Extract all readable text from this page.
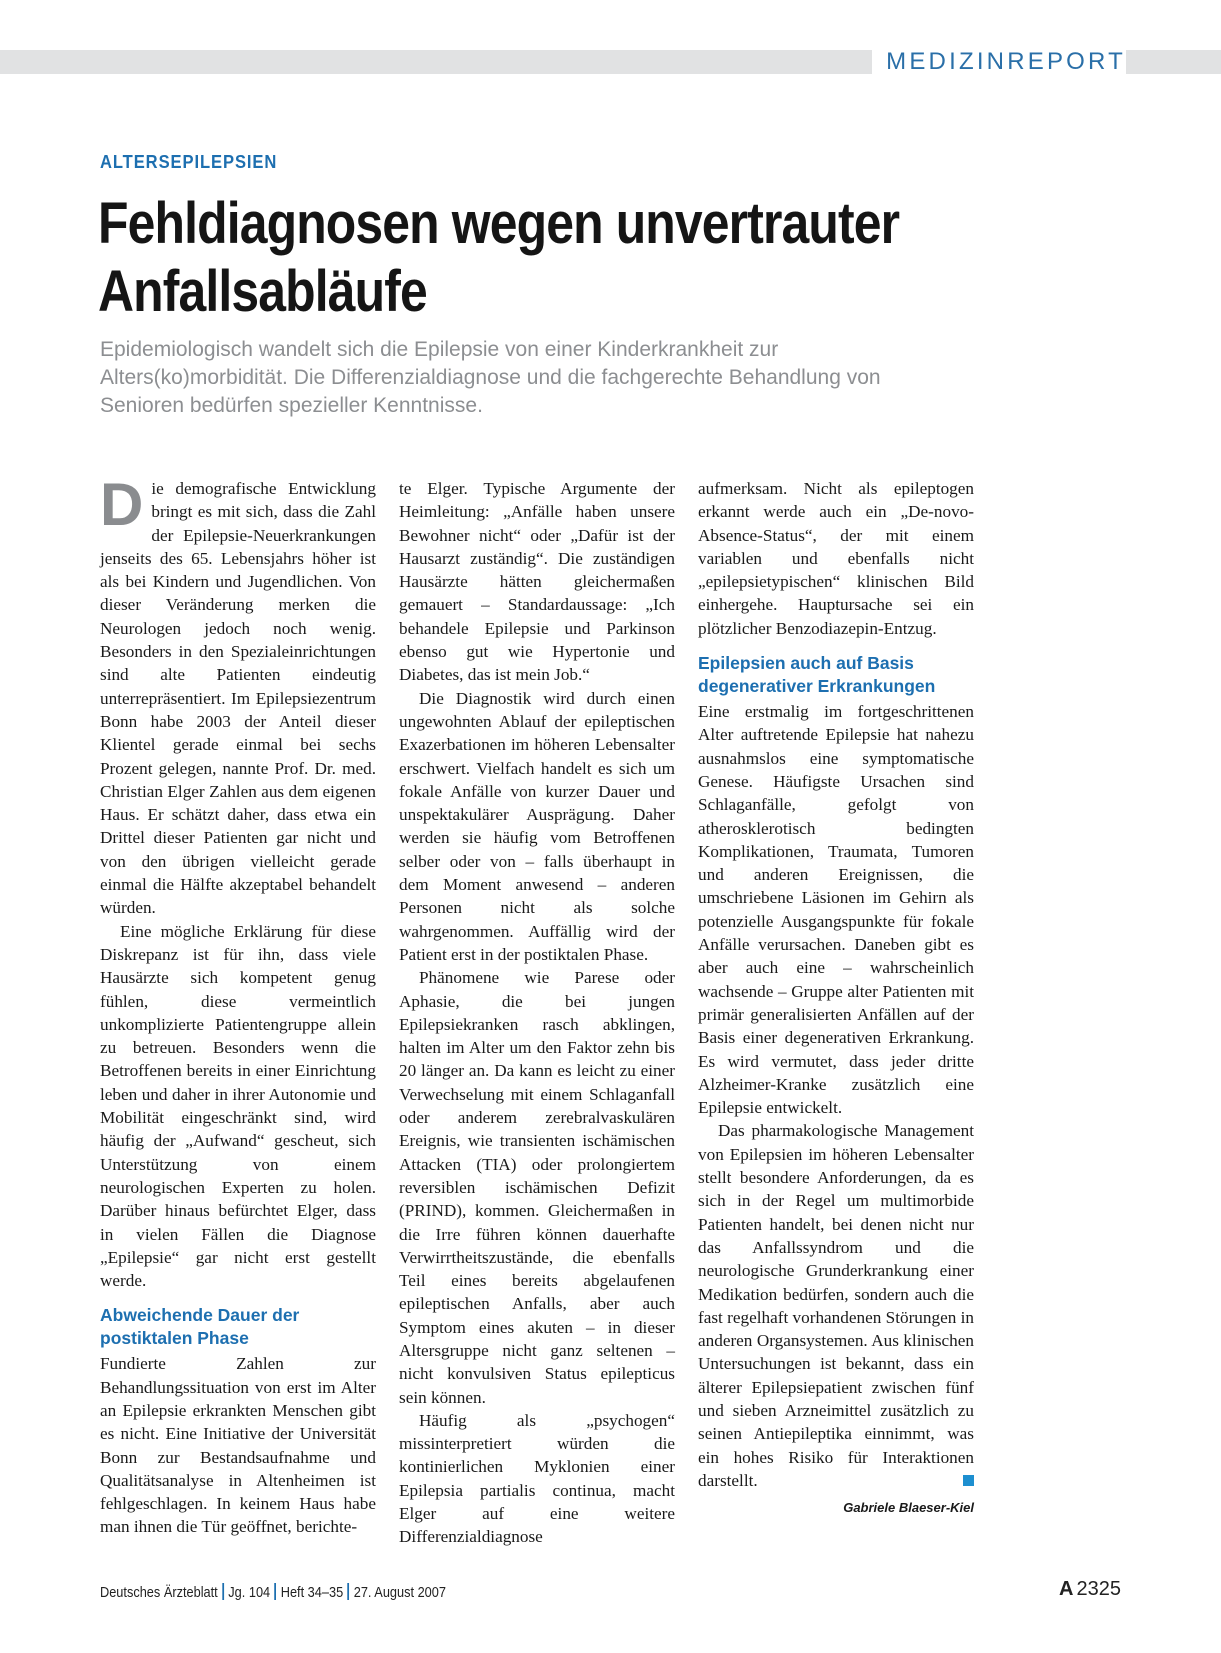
MEDIZINREPORT
ALTERSEPILEPSIEN
Fehldiagnosen wegen unvertrauter
Anfallsabläufe
Epidemiologisch wandelt sich die Epilepsie von einer Kinderkrankheit zur Alters(ko)morbidität. Die Differenzialdiagnose und die fachgerechte Behandlung von Senioren bedürfen spezieller Kenntnisse.

Die demografische Entwicklung bringt es mit sich, dass die Zahl der Epilepsie-Neuerkrankungen jenseits des 65. Lebensjahrs höher ist als bei Kindern und Jugendlichen. Von dieser Veränderung merken die Neurologen jedoch noch wenig. Besonders in den Spezialeinrichtungen sind alte Patienten eindeutig unterrepräsentiert. Im Epilepsiezentrum Bonn habe 2003 der Anteil dieser Klientel gerade einmal bei sechs Prozent gelegen, nannte Prof. Dr. med. Christian Elger Zahlen aus dem eigenen Haus. Er schätzt daher, dass etwa ein Drittel dieser Patienten gar nicht und von den übrigen vielleicht gerade einmal die Hälfte akzeptabel behandelt würden.

Eine mögliche Erklärung für diese Diskrepanz ist für ihn, dass viele Hausärzte sich kompetent genug fühlen, diese vermeintlich unkomplizierte Patientengruppe allein zu betreuen. Besonders wenn die Betroffenen bereits in einer Einrichtung leben und daher in ihrer Autonomie und Mobilität eingeschränkt sind, wird häufig der „Aufwand“ gescheut, sich Unterstützung von einem neurologischen Experten zu holen. Darüber hinaus befürchtet Elger, dass in vielen Fällen die Diagnose „Epilepsie“ gar nicht erst gestellt werde.

Abweichende Dauer der postiktalen Phase

Fundierte Zahlen zur Behandlungssituation von erst im Alter an Epilepsie erkrankten Menschen gibt es nicht. Eine Initiative der Universität Bonn zur Bestandsaufnahme und Qualitätsanalyse in Altenheimen ist fehlgeschlagen. In keinem Haus habe man ihnen die Tür geöffnet, berichte-

te Elger. Typische Argumente der Heimleitung: „Anfälle haben unsere Bewohner nicht“ oder „Dafür ist der Hausarzt zuständig“. Die zuständigen Hausärzte hätten gleichermaßen gemauert – Standardaussage: „Ich behandele Epilepsie und Parkinson ebenso gut wie Hypertonie und Diabetes, das ist mein Job.“

Die Diagnostik wird durch einen ungewohnten Ablauf der epileptischen Exazerbationen im höheren Lebensalter erschwert. Vielfach handelt es sich um fokale Anfälle von kurzer Dauer und unspektakulärer Ausprägung. Daher werden sie häufig vom Betroffenen selber oder von – falls überhaupt in dem Moment anwesend – anderen Personen nicht als solche wahrgenommen. Auffällig wird der Patient erst in der postiktalen Phase.

Phänomene wie Parese oder Aphasie, die bei jungen Epilepsiekranken rasch abklingen, halten im Alter um den Faktor zehn bis 20 länger an. Da kann es leicht zu einer Verwechselung mit einem Schlaganfall oder anderem zerebralvaskulären Ereignis, wie transienten ischämischen Attacken (TIA) oder prolongiertem reversiblen ischämischen Defizit (PRIND), kommen. Gleichermaßen in die Irre führen können dauerhafte Verwirrtheitszustände, die ebenfalls Teil eines bereits abgelaufenen epileptischen Anfalls, aber auch Symptom eines akuten – in dieser Altersgruppe nicht ganz seltenen – nicht konvulsiven Status epilepticus sein können.

Häufig als „psychogen“ missinterpretiert würden die kontinierlichen Myklonien einer Epilepsia partialis continua, macht Elger auf eine weitere Differenzialdiagnose

aufmerksam. Nicht als epileptogen erkannt werde auch ein „De-novo-Absence-Status“, der mit einem variablen und ebenfalls nicht „epilepsietypischen“ klinischen Bild einhergehe. Hauptursache sei ein plötzlicher Benzodiazepin-Entzug.

Epilepsien auch auf Basis degenerativer Erkrankungen

Eine erstmalig im fortgeschrittenen Alter auftretende Epilepsie hat nahezu ausnahmslos eine symptomatische Genese. Häufigste Ursachen sind Schlaganfälle, gefolgt von atherosklerotisch bedingten Komplikationen, Traumata, Tumoren und anderen Ereignissen, die umschriebene Läsionen im Gehirn als potenzielle Ausgangspunkte für fokale Anfälle verursachen. Daneben gibt es aber auch eine – wahrscheinlich wachsende – Gruppe alter Patienten mit primär generalisierten Anfällen auf der Basis einer degenerativen Erkrankung. Es wird vermutet, dass jeder dritte Alzheimer-Kranke zusätzlich eine Epilepsie entwickelt.

Das pharmakologische Management von Epilepsien im höheren Lebensalter stellt besondere Anforderungen, da es sich in der Regel um multimorbide Patienten handelt, bei denen nicht nur das Anfallssyndrom und die neurologische Grunderkrankung einer Medikation bedürfen, sondern auch die fast regelhaft vorhandenen Störungen in anderen Organsystemen. Aus klinischen Untersuchungen ist bekannt, dass ein älterer Epilepsiepatient zwischen fünf und sieben Arzneimittel zusätzlich zu seinen Antiepileptika einnimmt, was ein hohes Risiko für Interaktionen darstellt.

Gabriele Blaeser-Kiel
Deutsches Ärzteblatt Jg. 104 Heft 34–35 27. August 2007	A 2325
